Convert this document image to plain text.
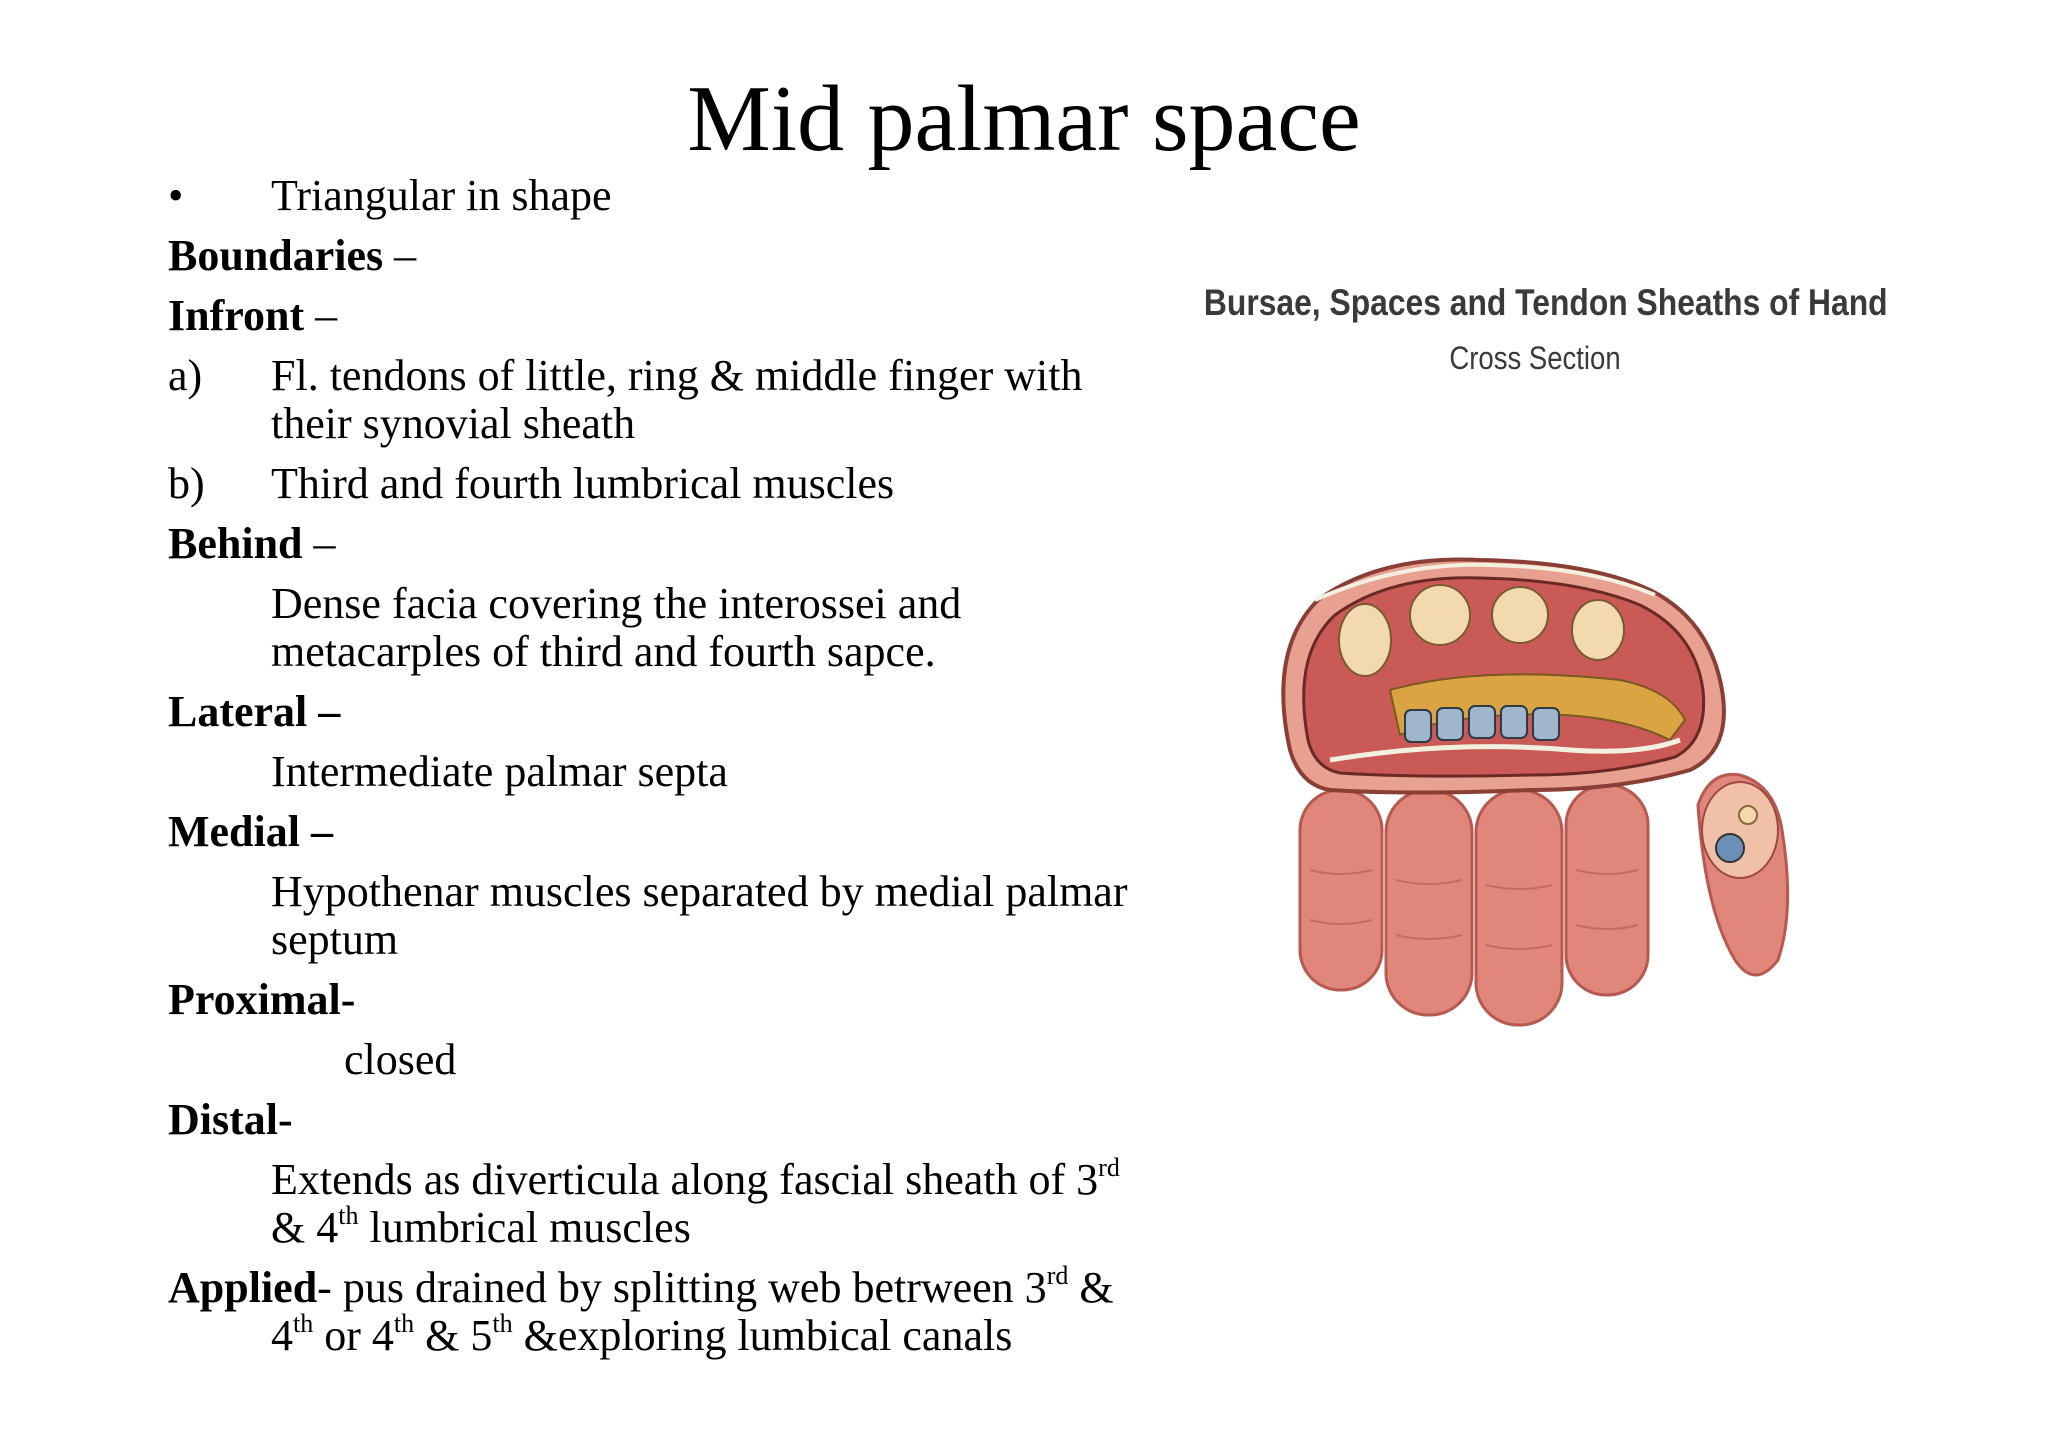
Mid palmar space
• Triangular in shape
Boundaries –
Infront –
a) Fl. tendons of little, ring & middle finger with their synovial sheath
b) Third and fourth lumbrical muscles
Behind –
Dense facia covering the interossei and metacarples of third and fourth sapce.
Lateral –
Intermediate palmar septa
Medial –
Hypothenar muscles separated by medial palmar septum
Proximal-
closed
Distal-
Extends as diverticula along fascial sheath of 3rd & 4th lumbrical muscles
Applied- pus drained by splitting web betrween 3rd & 4th or 4th & 5th &exploring lumbical canals
Bursae, Spaces and Tendon Sheaths of Hand
Cross Section
